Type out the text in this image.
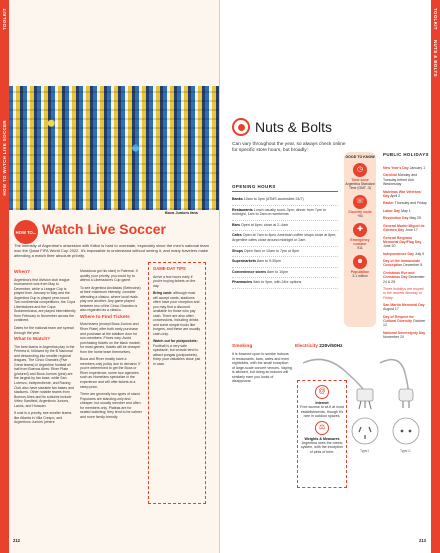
HOW TO WATCH LIVE SOCCER
TOOLKIT
Boca Juniors fans
HOW TO... Watch Live Soccer

The intensity of Argentine's obsession with fútbol is hard to overstate, especially since the men's national team won the Qatar FIFA World Cup 2022. It's impossible to understand without seeing it, and many travelers make attending a match their absolute priority.

When?

Argentina's first division club league tournament runs from May to December, while a League Cup is played from January to May and the Argentina Cup is played year-round. Two continental competitions, the Copa Libertadores and the Copa Sudamericana, are played intermittently from February to November across the continent.

Dates for the national team are spread through the year.

What to Watch?

The best teams in Argentina play in the Primera A, followed by the B Nacional and descending into smaller regional leagues. The Cinco Grandes (Five Great teams) in Argentine football all hail from Buenos Aires: River Plate (pictured) and Boca Juniors (pink) are the largest by fan base, while San Lorenzo, Independiente, and Racing Club also have sizeable fan bases and stadiums. Other notable teams from Buenos Aires and its suburbs include Vélez Sarsfield, Argentinos Juniors, Lanús, and Huracán.

If cost is a priority, see smaller teams like Atlanta in Villa Crespo, and Argentinos Juniors (where

Maradona got his start) in Paternal. If quality your priority, you could try to attend a Libertadores Cup game.

To see Argentina Anciladas (Seleccina) at their maximum intensity, consider attending a clásico, where local rivals play one another. Any game played between two of the Cinco Grandes is also regarded as a clásico.

Where to Find Tickets

Most teams (except Boca Juniors and River Plate) offer both early purchase and purchase at the stadium door for non-members. Prices vary. Avoid purchasing tickets on the black market; for most games, tickets will be cheaper from the home team themselves.

Boca and River mostly have a members-only policy due to demand. If you're determined to get the Boca or River experience, some tour agencies such as Homefans specialize in the experience and will offer tickets at a steep price.

There are generally two types of stand. Populares are standing-only and cheaper, but usually member and often for members only. Plateas are for seated watching; they tend to be calmer and more family-friendly.

GAME-DAY TIPS
Arrive a few hours early if you're buying tickets on the day.
Bring cash: although most will accept cards, stadiums often have poor reception and you may find a discount available for those who pay cash. There are also often concessions, including drinks and some simple foods like burgers, and these are usually cash-only.
Watch out for pickpockets: Football is a very safe spectacle, but crowds tend to attract pungas (pickpockets). Keep your valuables close just in case.
212
TOOLKIT
NUTS & BOLTS
Nuts & Bolts

Can vary throughout the year, so always check online for specific store hours, but broadly:

OPENING HOURS
Banks 10am to 3pm (ATMS accessible 24/7)
Restaurants Lunch usually noon–3pm; dinner from 7pm to midnight, 1am to 2am on weekends
Bars Open at 6pm; close at 2–4am
Cafes Open at 7am to 8pm; American coffee shops close at 8pm; Argentine cafes close around midnight or 2am
Shops Open 9am or 10am to 7pm or 8pm
Supermarkets 8am to 9:30pm
Convenience stores 8am to 10pm
Pharmacies 9am to 9pm, with 24hr options
GOOD TO KNOW
◷
Time zone
Argentina Standard Time (GMT -3)
☏
Country code
+54
✚
Emergency number
911
☻
Population
3.1 million
PUBLIC HOLIDAYS
New Year's Day January 1
Carnival Monday and Tuesday before Ash Wednesday
Malvinas War Veterans' Day April 2
Easter Thursday and Friday
Labor Day May 1
Revolution Day May 25
General Martín Miguel de Güemes Day June 17
General Belgrano Memorial Day/Flag Day June 20
Independence Day July 9
Day of the Immaculate Conception December 8
Christmas Eve and Christmas Day December 24 & 25
Three holidays are moved to the nearest Monday or Friday:
San Martín Memorial Day August 17
Day of Respect for Cultural Diversity October 12
National Sovereignty Day November 20
Smoking

It is frowned upon to smoke indoors in restaurants, bars, cafes and even nightclubs, with the small exception of large-scale concert venues. Vaping is allowed, but doing so indoors will similarly earn you looks of disapproval.

Electricity 220v/50Hz
Type I	Type C
@
Internet
Free access to wi-fi at most establishments, though it's rare in outdoor spaces.
⚖
Weights & Measures
Argentina uses the metric system, with the exception of pints of beer.
213
